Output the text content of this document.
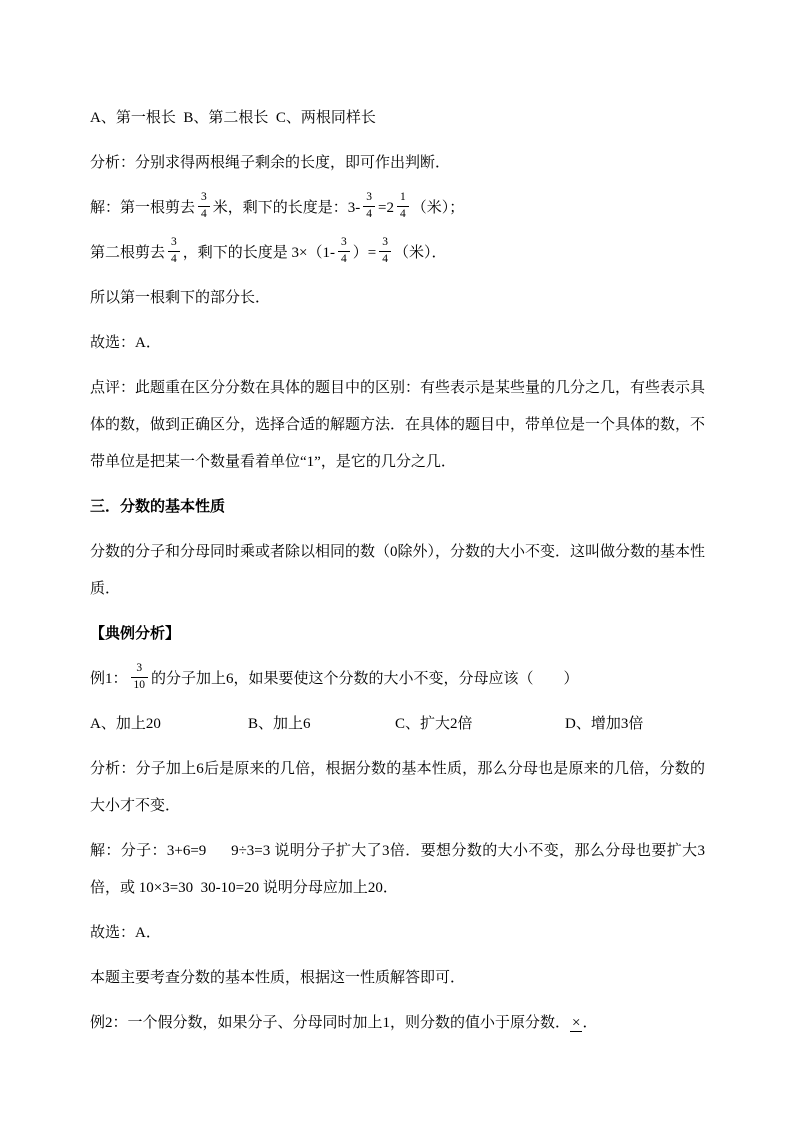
A、第一根长  B、第二根长  C、两根同样长

分析：分别求得两根绳子剩余的长度，即可作出判断．

解：第一根剪去 $\frac{3}{4}$ 米，剩下的长度是：$3- \frac{3}{4} =2 \frac{1}{4}$ （米）；

第二根剪去 $\frac{3}{4}$ ，剩下的长度是 $3\times(1- \frac{3}{4}$ ）= $\frac{3}{4}$ （米）．

所以第一根剩下的部分长．

故选：A．

点评：此题重在区分分数在具体的题目中的区别：有些表示是某些量的几分之几，有些表示具体的数，做到正确区分，选择合适的解题方法．在具体的题目中，带单位是一个具体的数，不带单位是把某一个数量看着单位“1”，是它的几分之几．

三．分数的基本性质

分数的分子和分母同时乘或者除以相同的数（0除外），分数的大小不变．这叫做分数的基本性质．

【典例分析】

例1： $\frac{3}{10}$ 的分子加上6，如果要使这个分数的大小不变，分母应该（　　）

A、加上20	B、加上6	C、扩大2倍	D、增加3倍

分析：分子加上6后是原来的几倍，根据分数的基本性质，那么分母也是原来的几倍，分数的大小才不变．

解：分子：3+6=9      9÷3=3 说明分子扩大了3倍．要想分数的大小不变，那么分母也要扩大3倍，或 10×3=30  30-10=20 说明分母应加上20．

故选：A．

本题主要考查分数的基本性质，根据这一性质解答即可．

例2：一个假分数，如果分子、分母同时加上1，则分数的值小于原分数． × ．
